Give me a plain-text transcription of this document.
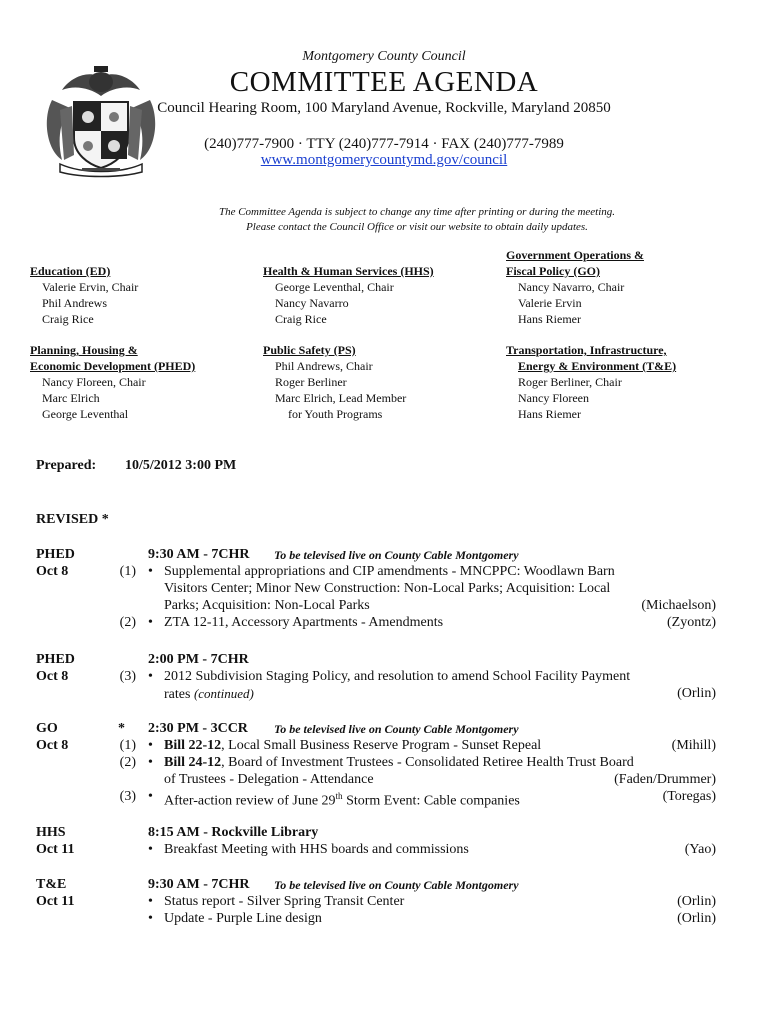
Montgomery County Council
COMMITTEE AGENDA
Council Hearing Room, 100 Maryland Avenue, Rockville, Maryland 20850
(240)777-7900 · TTY (240)777-7914 · FAX (240)777-7989
www.montgomerycountymd.gov/council
The Committee Agenda is subject to change any time after printing or during the meeting.
Please contact the Council Office or visit our website to obtain daily updates.
Education (ED)
Valerie Ervin, Chair
Phil Andrews
Craig Rice
Health & Human Services (HHS)
George Leventhal, Chair
Nancy Navarro
Craig Rice
Government Operations &
Fiscal Policy (GO)
Nancy Navarro, Chair
Valerie Ervin
Hans Riemer
Planning, Housing &
Economic Development (PHED)
Nancy Floreen, Chair
Marc Elrich
George Leventhal
Public Safety (PS)
Phil Andrews, Chair
Roger Berliner
Marc Elrich, Lead Member
for Youth Programs
Transportation, Infrastructure,
Energy & Environment (T&E)
Roger Berliner, Chair
Nancy Floreen
Hans Riemer
Prepared: 10/5/2012 3:00 PM
REVISED *
PHED	9:30 AM - 7CHR To be televised live on County Cable Montgomery
Oct 8	(1) • Supplemental appropriations and CIP amendments - MNCPPC: Woodlawn Barn
Visitors Center; Minor New Construction: Non-Local Parks; Acquisition: Local
Parks; Acquisition: Non-Local Parks	(Michaelson)
(2) • ZTA 12-11, Accessory Apartments - Amendments	(Zyontz)
PHED	2:00 PM - 7CHR
Oct 8	(3) • 2012 Subdivision Staging Policy, and resolution to amend School Facility Payment
rates (continued)	(Orlin)
GO	* 2:30 PM - 3CCR To be televised live on County Cable Montgomery
Oct 8	(1) • Bill 22-12, Local Small Business Reserve Program - Sunset Repeal	(Mihill)
(2) • Bill 24-12, Board of Investment Trustees - Consolidated Retiree Health Trust Board
of Trustees - Delegation - Attendance	(Faden/Drummer)
(3) • After-action review of June 29th Storm Event: Cable companies	(Toregas)
HHS	8:15 AM - Rockville Library
Oct 11	• Breakfast Meeting with HHS boards and commissions	(Yao)
T&E	9:30 AM - 7CHR To be televised live on County Cable Montgomery
Oct 11	• Status report - Silver Spring Transit Center	(Orlin)
• Update - Purple Line design	(Orlin)
